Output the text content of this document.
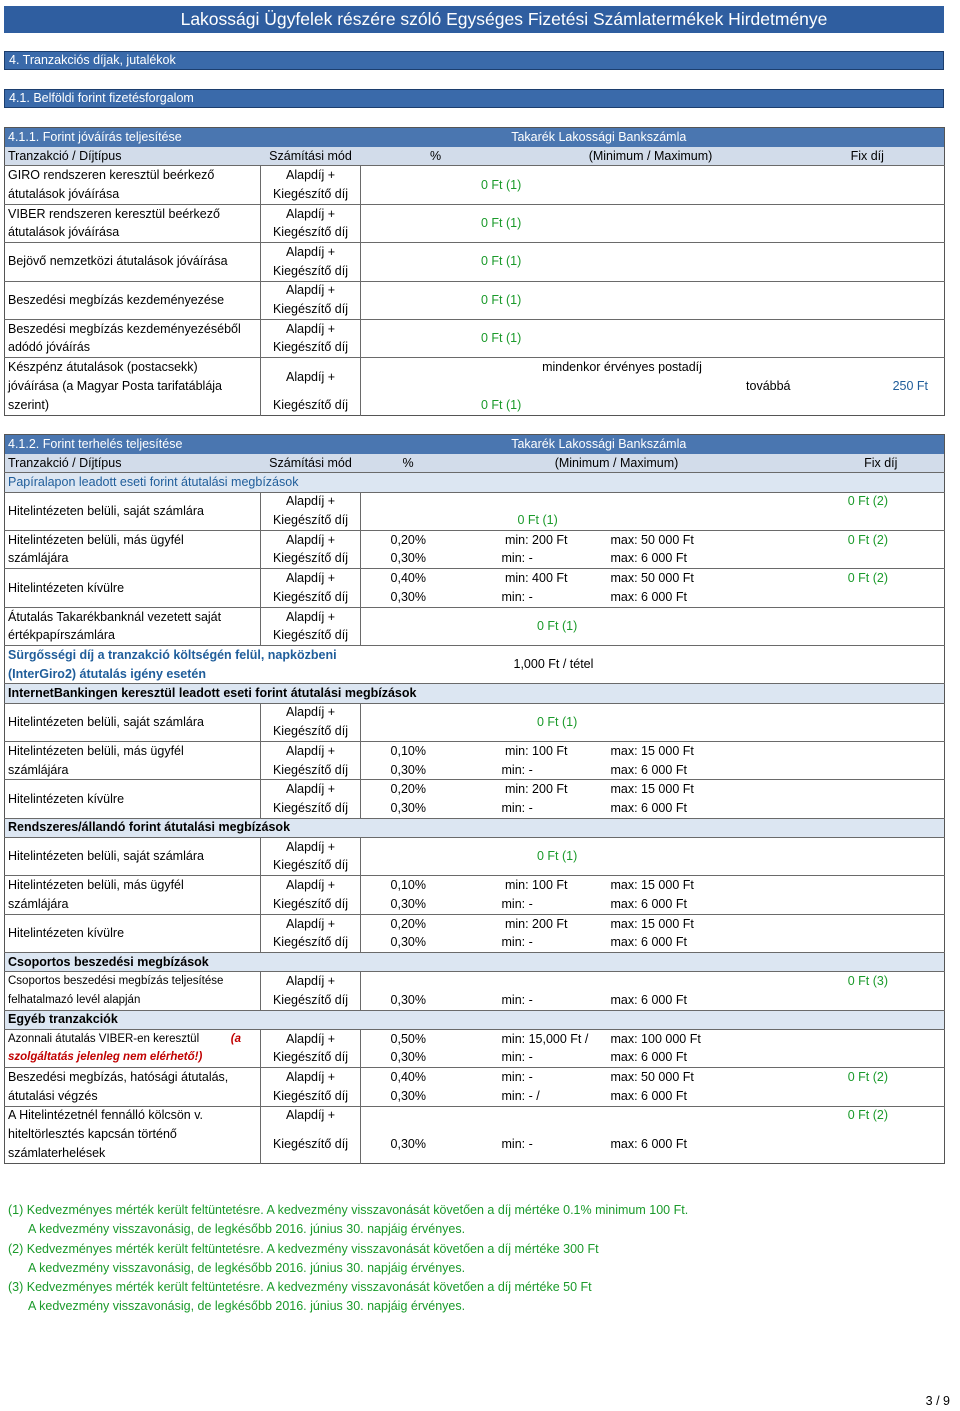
Lakossági Ügyfelek részére szóló Egységes Fizetési Számlatermékek Hirdetménye
4. Tranzakciós díjak, jutalékok
4.1. Belföldi forint fizetésforgalom
4.1.1. Forint jóváírás teljesítése		Takarék Lakossági Bankszámla		
Tranzakció / Díjtípus	Számítási mód	%	(Minimum / Maximum)	Fix díj
GIRO rendszeren keresztül beérkező	Alapdíj +	0 Ft (1)		
átutalások jóváírása	Kiegészítő díj			
VIBER rendszeren keresztül beérkező	Alapdíj +	0 Ft (1)		
átutalások jóváírása	Kiegészítő díj			
Bejövő nemzetközi átutalások jóváírása	Alapdíj +	0 Ft (1)		
	Kiegészítő díj			
Beszedési megbízás kezdeményezése	Alapdíj +	0 Ft (1)		
	Kiegészítő díj			
Beszedési megbízás kezdeményezéséből	Alapdíj +	0 Ft (1)		
adódó jóváírás	Kiegészítő díj			
Készpénz átutalások (postacsekk)	Alapdíj +		mindenkor érvényes postadíj	
jóváírása (a Magyar Posta tarifatáblája			továbbá	250 Ft
szerint)	Kiegészítő díj	0 Ft (1)		
4.1.2. Forint terhelés teljesítése		Takarék Lakossági Bankszámla			
Tranzakció / Díjtípus	Számítási mód	%	(Minimum / Maximum)		Fix díj
Papíralapon leadott eseti forint átutalási megbízások					
Hitelintézeten belüli, saját számlára	Alapdíj +				0 Ft (2)
	Kiegészítő díj		0 Ft (1)		
Hitelintézeten belüli, más ügyfél	Alapdíj +	0,20%	min: 200 Ft	max: 50 000 Ft	0 Ft (2)
számlájára	Kiegészítő díj	0,30%	min: -	max: 6 000 Ft	
Hitelintézeten kívülre	Alapdíj +	0,40%	min: 400 Ft	max: 50 000 Ft	0 Ft (2)
	Kiegészítő díj	0,30%	min: -	max: 6 000 Ft	
Átutalás Takarékbanknál vezetett saját	Alapdíj +	0 Ft (1)			
értékpapírszámlára	Kiegészítő díj				
Sürgősségi díj a tranzakció költségén felül, napközbeni		1,000 Ft / tétel			
(InterGiro2) átutalás igény esetén					
InternetBankingen keresztül leadott eseti forint átutalási megbízások					
Hitelintézeten belüli, saját számlára	Alapdíj +	0 Ft (1)			
	Kiegészítő díj				
Hitelintézeten belüli, más ügyfél	Alapdíj +	0,10%	min: 100 Ft	max: 15 000 Ft	
számlájára	Kiegészítő díj	0,30%	min: -	max: 6 000 Ft	
Hitelintézeten kívülre	Alapdíj +	0,20%	min: 200 Ft	max: 15 000 Ft	
	Kiegészítő díj	0,30%	min: -	max: 6 000 Ft	
Rendszeres/állandó forint átutalási megbízások					
Hitelintézeten belüli, saját számlára	Alapdíj +	0 Ft (1)			
	Kiegészítő díj				
Hitelintézeten belüli, más ügyfél	Alapdíj +	0,10%	min: 100 Ft	max: 15 000 Ft	
számlájára	Kiegészítő díj	0,30%	min: -	max: 6 000 Ft	
Hitelintézeten kívülre	Alapdíj +	0,20%	min: 200 Ft	max: 15 000 Ft	
	Kiegészítő díj	0,30%	min: -	max: 6 000 Ft	
Csoportos beszedési megbízások					
Csoportos beszedési megbízás teljesítése	Alapdíj +				0 Ft (3)
felhatalmazó levél alapján	Kiegészítő díj	0,30%	min: -	max: 6 000 Ft	
Egyéb tranzakciók					
Azonnali átutalás VIBER-en keresztül (a	Alapdíj +	0,50%	min: 15,000 Ft /	max: 100 000 Ft	
szolgáltatás jelenleg nem elérhető!)	Kiegészítő díj	0,30%	min: -	max: 6 000 Ft	
Beszedési megbízás, hatósági átutalás,	Alapdíj +	0,40%	min: -	max: 50 000 Ft	0 Ft (2)
átutalási végzés	Kiegészítő díj	0,30%	min: - /	max: 6 000 Ft	
A Hitelintézetnél fennálló kölcsön v.	Alapdíj +				0 Ft (2)
hiteltörlesztés kapcsán történő	Kiegészítő díj	0,30%	min: -	max: 6 000 Ft	
számlaterhelések					
(1) Kedvezményes mérték került feltüntetésre. A kedvezmény visszavonását követően a díj mértéke 0.1% minimum 100 Ft.
A kedvezmény visszavonásig, de legkésőbb 2016. június 30. napjáig érvényes.
(2) Kedvezményes mérték került feltüntetésre. A kedvezmény visszavonását követően a díj mértéke 300 Ft
A kedvezmény visszavonásig, de legkésőbb 2016. június 30. napjáig érvényes.
(3) Kedvezményes mérték került feltüntetésre. A kedvezmény visszavonását követően a díj mértéke 50 Ft
A kedvezmény visszavonásig, de legkésőbb 2016. június 30. napjáig érvényes.
3 / 9
